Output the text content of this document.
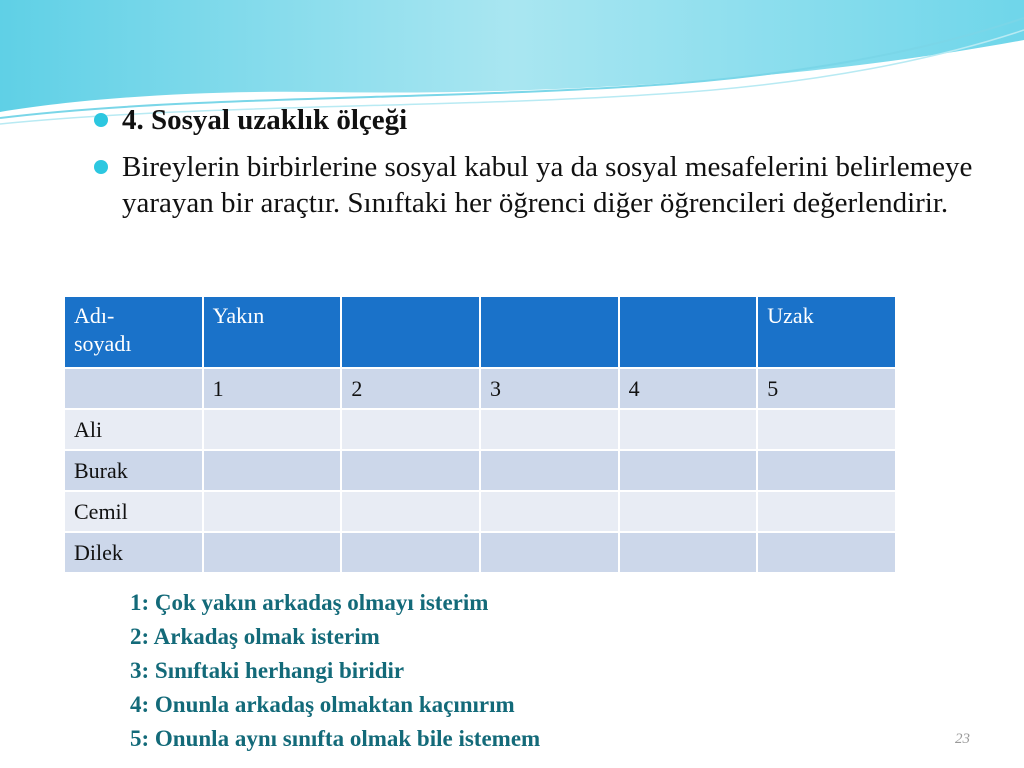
4. Sosyal uzaklık ölçeği
Bireylerin birbirlerine sosyal kabul ya da sosyal mesafelerini belirlemeye yarayan bir araçtır. Sınıftaki her öğrenci diğer öğrencileri değerlendirir.
Adı-
soyadı	Yakın				Uzak
	1	2	3	4	5
Ali					
Burak					
Cemil					
Dilek					
1: Çok yakın arkadaş olmayı isterim
2: Arkadaş olmak isterim
3: Sınıftaki herhangi biridir
4: Onunla arkadaş olmaktan kaçınırım
5: Onunla aynı sınıfta olmak bile istemem	23
